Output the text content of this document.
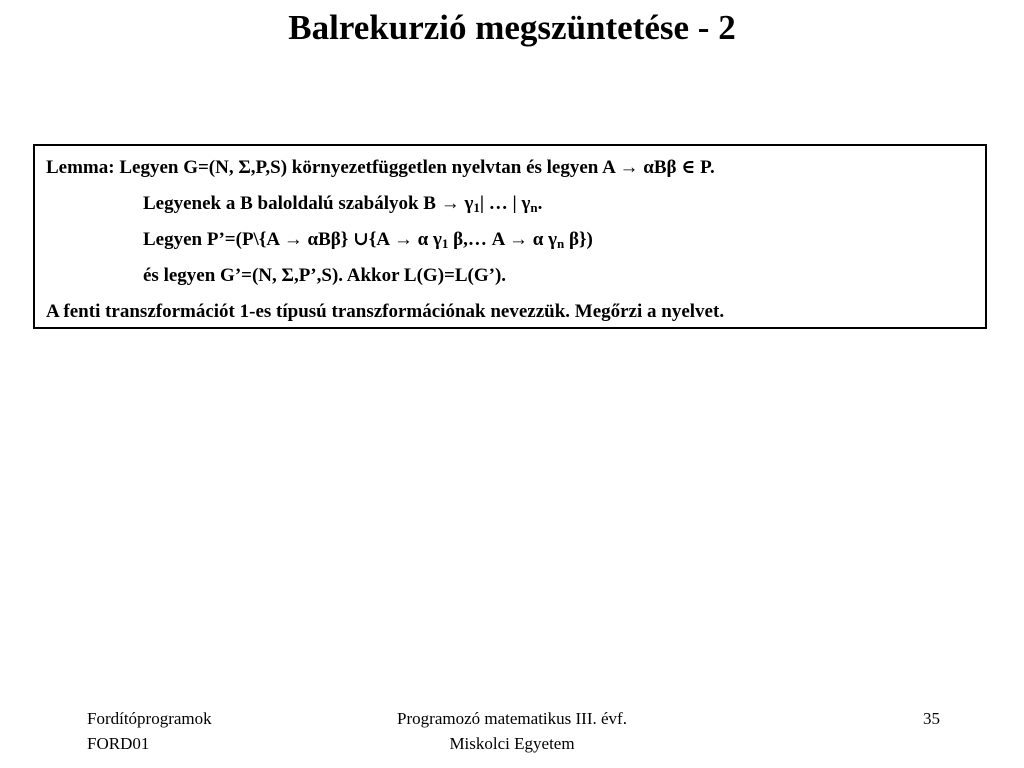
Balrekurzió megszüntetése - 2
Lemma: Legyen G=(N, Σ,P,S) környezetfüggetlen nyelvtan és legyen A → αBβ ∈ P.
Legyenek a B baloldalú szabályok $B \to \gamma_1|$ … | $\gamma_n$.
Legyen P’=(P\{A → αBβ} ∪{A → α $\gamma_1$ β,… A → α $\gamma_n$ β})
és legyen G’=(N, Σ,P’,S). Akkor L(G)=L(G’).
A fenti transzformációt 1-es típusú transzformációnak nevezzük. Megőrzi a nyelvet.
Fordítóprogramok
FORD01
Programozó matematikus III. évf.
Miskolci Egyetem
35
